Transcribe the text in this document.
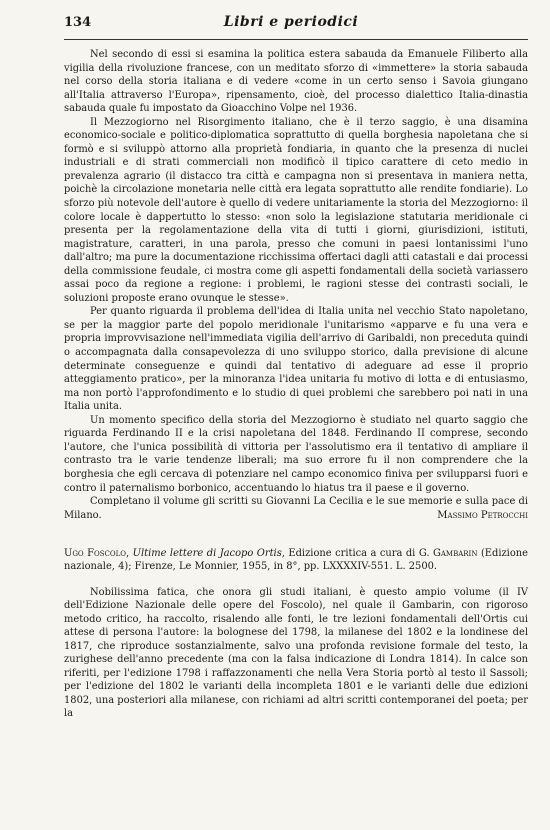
134	Libri e periodici

Nel secondo di essi si esamina la politica estera sabauda da Emanuele Filiberto alla vigilia della rivoluzione francese, con un meditato sforzo di «immettere» la storia sabauda nel corso della storia italiana e di vedere «come in un certo senso i Savoia giungano all'Italia attraverso l'Europa», ripensamento, cioè, del processo dialettico Italia-dinastia sabauda quale fu impostato da Gioacchino Volpe nel 1936.

Il Mezzogiorno nel Risorgimento italiano, che è il terzo saggio, è una disamina economico-sociale e politico-diplomatica soprattutto di quella borghesia napoletana che si formò e si sviluppò attorno alla proprietà fondiaria, in quanto che la presenza di nuclei industriali e di strati commerciali non modificò il tipico carattere di ceto medio in prevalenza agrario (il distacco tra città e campagna non si presentava in maniera netta, poichè la circolazione monetaria nelle città era legata soprattutto alle rendite fondiarie). Lo sforzo più notevole dell'autore è quello di vedere unitariamente la storia del Mezzogiorno: il colore locale è dappertutto lo stesso: «non solo la legislazione statutaria meridionale ci presenta per la regolamentazione della vita di tutti i giorni, giurisdizioni, istituti, magistrature, caratteri, in una parola, presso che comuni in paesi lontanissimi l'uno dall'altro; ma pure la documentazione ricchissima offertaci dagli atti catastali e dai processi della commissione feudale, ci mostra come gli aspetti fondamentali della società variassero assai poco da regione a regione: i problemi, le ragioni stesse dei contrasti sociali, le soluzioni proposte erano ovunque le stesse».

Per quanto riguarda il problema dell'idea di Italia unita nel vecchio Stato napoletano, se per la maggior parte del popolo meridionale l'unitarismo «apparve e fu una vera e propria improvvisazione nell'immediata vigilia dell'arrivo di Garibaldi, non preceduta quindi o accompagnata dalla consapevolezza di uno sviluppo storico, dalla previsione di alcune determinate conseguenze e quindi dal tentativo di adeguare ad esse il proprio atteggiamento pratico», per la minoranza l'idea unitaria fu motivo di lotta e di entusiasmo, ma non portò l'approfondimento e lo studio di quei problemi che sarebbero poi nati in una Italia unita.

Un momento specifico della storia del Mezzogiorno è studiato nel quarto saggio che riguarda Ferdinando II e la crisi napoletana del 1848. Ferdinando II comprese, secondo l'autore, che l'unica possibilità di vittoria per l'assolutismo era il tentativo di ampliare il contrasto tra le varie tendenze liberali; ma suo errore fu il non comprendere che la borghesia che egli cercava di potenziare nel campo economico finiva per svilupparsi fuori e contro il paternalismo borbonico, accentuando lo hiatus tra il paese e il governo.

Completano il volume gli scritti su Giovanni La Cecilia e le sue memorie e sulla pace di Milano.	Massimo Petrocchi
Ugo Foscolo, Ultime lettere di Jacopo Ortis, Edizione critica a cura di G. Gambarin (Edizione nazionale, 4); Firenze, Le Monnier, 1955, in 8°, pp. LXXXXIV-551. L. 2500.

Nobilissima fatica, che onora gli studi italiani, è questo ampio volume (il IV dell'Edizione Nazionale delle opere del Foscolo), nel quale il Gambarin, con rigoroso metodo critico, ha raccolto, risalendo alle fonti, le tre lezioni fondamentali dell'Ortis cui attese di persona l'autore: la bolognese del 1798, la milanese del 1802 e la londinese del 1817, che riproduce sostanzialmente, salvo una profonda revisione formale del testo, la zurighese dell'anno precedente (ma con la falsa indicazione di Londra 1814). In calce son riferiti, per l'edizione 1798 i raffazzonamenti che nella Vera Storia portò al testo il Sassoli; per l'edizione del 1802 le varianti della incompleta 1801 e le varianti delle due edizioni 1802, una posteriori alla milanese, con richiami ad altri scritti contemporanei del poeta; per la
